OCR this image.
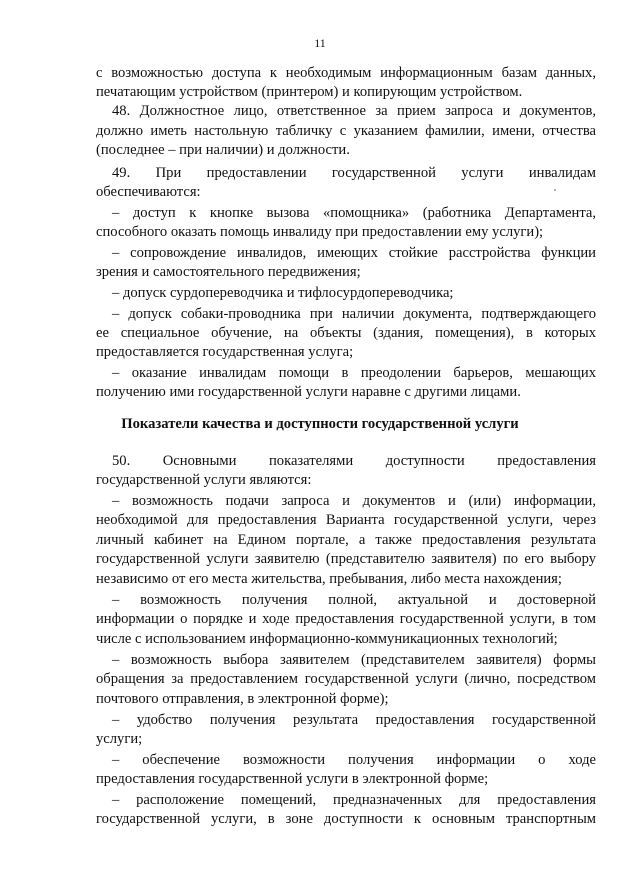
11
с возможностью доступа к необходимым информационным базам данных,
печатающим устройством (принтером) и копирующим устройством.
48. Должностное лицо, ответственное за прием запроса и документов,
должно иметь настольную табличку с указанием фамилии, имени, отчества
(последнее – при наличии) и должности.
49. При предоставлении государственной услуги инвалидам
обеспечиваются:
– доступ к кнопке вызова «помощника» (работника Департамента,
способного оказать помощь инвалиду при предоставлении ему услуги);
– сопровождение инвалидов, имеющих стойкие расстройства функции
зрения и самостоятельного передвижения;
– допуск сурдопереводчика и тифлосурдопереводчика;
– допуск собаки-проводника при наличии документа, подтверждающего
ее специальное обучение, на объекты (здания, помещения), в которых
предоставляется государственная услуга;
– оказание инвалидам помощи в преодолении барьеров, мешающих
получению ими государственной услуги наравне с другими лицами.
Показатели качества и доступности государственной услуги
50. Основными показателями доступности предоставления
государственной услуги являются:
– возможность подачи запроса и документов и (или) информации,
необходимой для предоставления Варианта государственной услуги, через
личный кабинет на Едином портале, а также предоставления результата
государственной услуги заявителю (представителю заявителя) по его выбору
независимо от его места жительства, пребывания, либо места нахождения;
– возможность получения полной, актуальной и достоверной
информации о порядке и ходе предоставления государственной услуги, в том
числе с использованием информационно-коммуникационных технологий;
– возможность выбора заявителем (представителем заявителя) формы
обращения за предоставлением государственной услуги (лично, посредством
почтового отправления, в электронной форме);
– удобство получения результата предоставления государственной
услуги;
– обеспечение возможности получения информации о ходе
предоставления государственной услуги в электронной форме;
– расположение помещений, предназначенных для предоставления
государственной услуги, в зоне доступности к основным транспортным
